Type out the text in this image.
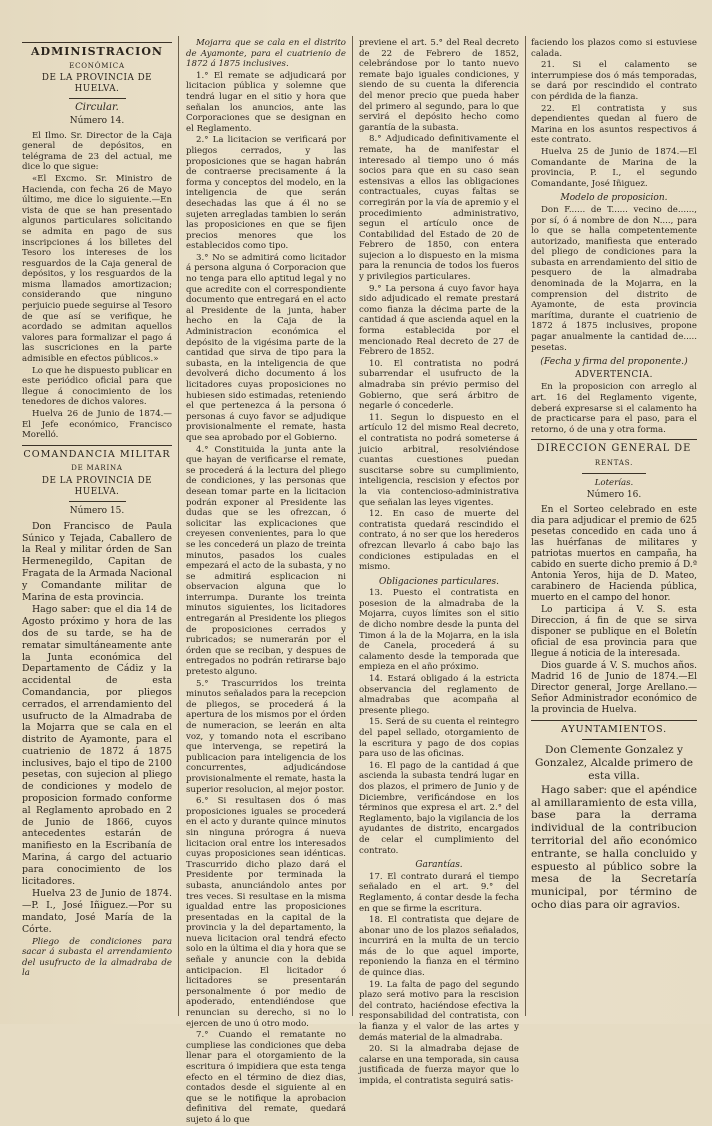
ADMINISTRACION
ECONÓMICA
DE LA PROVINCIA DE HUELVA.
Circular.
Número 14.

El Ilmo. Sr. Director de la Caja general de depósitos, en telégrama de 23 del actual, me dice lo que sigue:

«El Excmo. Sr. Ministro de Hacienda, con fecha 26 de Mayo último, me dice lo siguiente.—En vista de que se han presentado algunos particulares solicitando se admita en pago de sus inscripciones á los billetes del Tesoro los intereses de los resguardos de la Caja general de depósitos, y los resguardos de la misma llamados amortizacion; considerando que ninguno perjuicio puede seguirse al Tesoro de que así se verifique, he acordado se admitan aquellos valores para formalizar el pago á las suscriciones en la parte admisible en efectos públicos.»

Lo que he dispuesto publicar en este periódico oficial para que llegue á conocimiento de los tenedores de dichos valores.

Huelva 26 de Junio de 1874.—El Jefe económico, Francisco Morelló.

COMANDANCIA MILITAR
DE MARINA
DE LA PROVINCIA DE HUELVA.
Número 15.

Don Francisco de Paula Súnico y Tejada, Caballero de la Real y militar órden de San Hermenegildo, Capitan de Fragata de la Armada Nacional y Comandante militar de Marina de esta provincia.

Hago saber: que el dia 14 de Agosto próximo y hora de las dos de su tarde, se ha de rematar simultáneamente ante la Junta económica del Departamento de Cádiz y la accidental de esta Comandancia, por pliegos cerrados, el arrendamiento del usufructo de la Almadraba de la Mojarra que se cala en el distrito de Ayamonte, para el cuatrienio de 1872 á 1875 inclusives, bajo el tipo de 2100 pesetas, con sujecion al pliego de condiciones y modelo de proposicion formado conforme al Reglamento aprobado en 2 de Junio de 1866, cuyos antecedentes estarán de manifiesto en la Escribanía de Marina, á cargo del actuario para conocimiento de los licitadores.

Huelva 23 de Junio de 1874.—P. I., José Iñiguez.—Por su mandato, José María de la Córte.

Pliego de condiciones para sacar á subasta el arrendamiento del usufructo de la almadraba de la

Mojarra que se cala en el distrito de Ayamonte, para el cuatrienio de 1872 á 1875 inclusives.

1.° El remate se adjudicará por licitacion pública y solemne que tendrá lugar en el sitio y hora que señalan los anuncios, ante las Corporaciones que se designan en el Reglamento.

2.° La licitacion se verificará por pliegos cerrados, y las proposiciones que se hagan habrán de contraerse precisamente á la forma y conceptos del modelo, en la inteligencia de que serán desechadas las que á él no se sujeten arregladas tambien lo serán las proposiciones en que se fijen precios menores que los establecidos como tipo.

3.° No se admitirá como licitador á persona alguna ó Corporacion que no tenga para ello aptitud legal y no que acredite con el correspondiente documento que entregará en el acto al Presidente de la junta, haber hecho en la Caja de la Administracion económica el depósito de la vigésima parte de la cantidad que sirva de tipo para la subasta, en la inteligencia de que devolverá dicho documento á los licitadores cuyas proposiciones no hubiesen sido estimadas, reteniendo el que pertenezca á la persona ó personas á cuyo favor se adjudique provisionalmente el remate, hasta que sea aprobado por el Gobierno.

4.° Constituida la junta ante la que hayan de verificarse el remate, se procederá á la lectura del pliego de condiciones, y las personas que desean tomar parte en la licitacion podrán exponer al Presidente las dudas que se les ofrezcan, ó solicitar las explicaciones que creyesen convenientes, para lo que se les concederá un plazo de treinta minutos, pasados los cuales empezará el acto de la subasta, y no se admitirá esplicacion ni observacion alguna que lo interrumpa. Durante los treinta minutos siguientes, los licitadores entregarán al Presidente los pliegos de proposiciones cerrados y rubricados; se numerarán por el órden que se reciban, y despues de entregados no podrán retirarse bajo pretesto alguno.

5.° Trascurridos los treinta minutos señalados para la recepcion de pliegos, se procederá á la apertura de los mismos por el órden de numeracion, se leerán en alta voz, y tomando nota el escribano que intervenga, se repetirá la publicacion para inteligencia de los concurrentes, adjudicándose provisionalmente el remate, hasta la superior resolucion, al mejor postor.

6.° Si resultasen dos ó mas proposiciones iguales se procederá en el acto y durante quince minutos sin ninguna prórogra á nueva licitacion oral entre los interesados cuyas proposiciones sean idénticas. Trascurrido dicho plazo dará el Presidente por terminada la subasta, anunciándolo antes por tres veces. Si resultase en la misma igualdad entre las proposiciones presentadas en la capital de la provincia y la del departamento, la nueva licitacion oral tendrá efecto solo en la última el dia y hora que se señale y anuncie con la debida anticipacion. El licitador ó licitadores se presentarán personalmente ó por medio de apoderado, entendiéndose que renuncian su derecho, si no lo ejercen de uno ú otro modo.

7.° Cuando el rematante no cumpliese las condiciones que deba llenar para el otorgamiento de la escritura ó impidiera que esta tenga efecto en el término de diez dias, contados desde el siguiente al en que se le notifique la aprobacion definitiva del remate, quedará sujeto á lo que

previene el art. 5.° del Real decreto de 22 de Febrero de 1852, celebrándose por lo tanto nuevo remate bajo iguales condiciones, y siendo de su cuenta la diferencia del menor precio que pueda haber del primero al segundo, para lo que servirá el depósito hecho como garantía de la subasta.

8.° Adjudicado definitivamente el remate, ha de manifestar el interesado al tiempo uno ó más socios para que en su caso sean estensivas a ellos las obligaciones contractuales, cuyas faltas se corregirán por la vía de apremio y el procedimiento administrativo, segun el artículo once de Contabilidad del Estado de 20 de Febrero de 1850, con entera sujecion a lo dispuesto en la misma para la renuncia de todos los fueros y privilegios particulares.

9.° La persona á cuyo favor haya sido adjudicado el remate prestará como fianza la décima parte de la cantidad á que ascienda aquel en la forma establecida por el mencionado Real decreto de 27 de Febrero de 1852.

10. El contratista no podrá subarrendar el usufructo de la almadraba sin prévio permiso del Gobierno, que será árbitro de negarle ó concederle.

11. Segun lo dispuesto en el artículo 12 del mismo Real decreto, el contratista no podrá someterse á juicio arbitral, resolviéndose cuantas cuestiones puedan suscitarse sobre su cumplimiento, inteligencia, rescision y efectos por la via contencioso-administrativa que señalan las leyes vigentes.

12. En caso de muerte del contratista quedará rescindido el contrato, á no ser que los herederos ofrezcan llevarlo á cabo bajo las condiciones estipuladas en el mismo.

Obligaciones particulares.

13. Puesto el contratista en posesion de la almadraba de la Mojarra, cuyos límites son el sitio de dicho nombre desde la punta del Timon á la de la Mojarra, en la isla de Canela, procederá á su calamento desde la temporada que empieza en el año próximo.

14. Estará obligado á la estricta observancia del reglamento de almadrabas que acompaña al presente pliego.

15. Será de su cuenta el reintegro del papel sellado, otorgamiento de la escritura y pago de dos copias para uso de las oficinas.

16. El pago de la cantidad á que ascienda la subasta tendrá lugar en dos plazos, el primero de Junio y de Diciembre, verificándose en los términos que expresa el art. 2.° del Reglamento, bajo la vigilancia de los ayudantes de distrito, encargados de celar el cumplimiento del contrato.

Garantías.

17. El contrato durará el tiempo señalado en el art. 9.° del Reglamento, á contar desde la fecha en que se firme la escritura.

18. El contratista que dejare de abonar uno de los plazos señalados, incurrirá en la multa de un tercio más de lo que aquel importe, reponiendo la fianza en el término de quince dias.

19. La falta de pago del segundo plazo será motivo para la rescision del contrato, haciéndose efectiva la responsabilidad del contratista, con la fianza y el valor de las artes y demás material de la almadraba.

20. Si la almadraba dejase de calarse en una temporada, sin causa justificada de fuerza mayor que lo impida, el contratista seguirá satis-

faciendo los plazos como si estuviese calada.

21. Si el calamento se interrumpiese dos ó más temporadas, se dará por rescindido el contrato con pérdida de la fianza.

22. El contratista y sus dependientes quedan al fuero de Marina en los asuntos respectivos á este contrato.

Huelva 25 de Junio de 1874.—El Comandante de Marina de la provincia, P. I., el segundo Comandante, José Iñiguez.

Modelo de proposicion.

Don F...... de T...... vecino de......, por sí, ó á nombre de don N...., para lo que se halla competentemente autorizado, manifiesta que enterado del pliego de condiciones para la subasta en arrendamiento del sitio de pesquero de la almadraba denominada de la Mojarra, en la comprension del distrito de Ayamonte, de esta provincia marítima, durante el cuatrienio de 1872 á 1875 inclusives, propone pagar anualmente la cantidad de..... pesetas.

(Fecha y firma del proponente.)
ADVERTENCIA.

En la proposicion con arreglo al art. 16 del Reglamento vigente, deberá expresarse si el calamento ha de practicarse para el paso, para el retorno, ó de una y otra forma.

DIRECCION GENERAL DE
RENTAS.
Loterías.
Número 16.

En el Sorteo celebrado en este dia para adjudicar el premio de 625 pesetas concedido en cada uno á las huérfanas de militares y patriotas muertos en campaña, ha cabido en suerte dicho premio á D.ª Antonia Yeros, hija de D. Mateo, carabinero de Hacienda pública, muerto en el campo del honor.

Lo participa á V. S. esta Direccion, á fin de que se sirva disponer se publique en el Boletín oficial de esa provincia para que llegue á noticia de la interesada.

Dios guarde á V. S. muchos años. Madrid 16 de Junio de 1874.—El Director general, Jorge Arellano.—Señor Administrador económico de la provincia de Huelva.

AYUNTAMIENTOS.

Don Clemente Gonzalez y Gonzalez, Alcalde primero de esta villa.

Hago saber: que el apéndice al amillaramiento de esta villa, base para la derrama individual de la contribucion territorial del año económico entrante, se halla concluido y espuesto al público sobre la mesa de la Secretaría municipal, por término de ocho dias para oir agravios.
